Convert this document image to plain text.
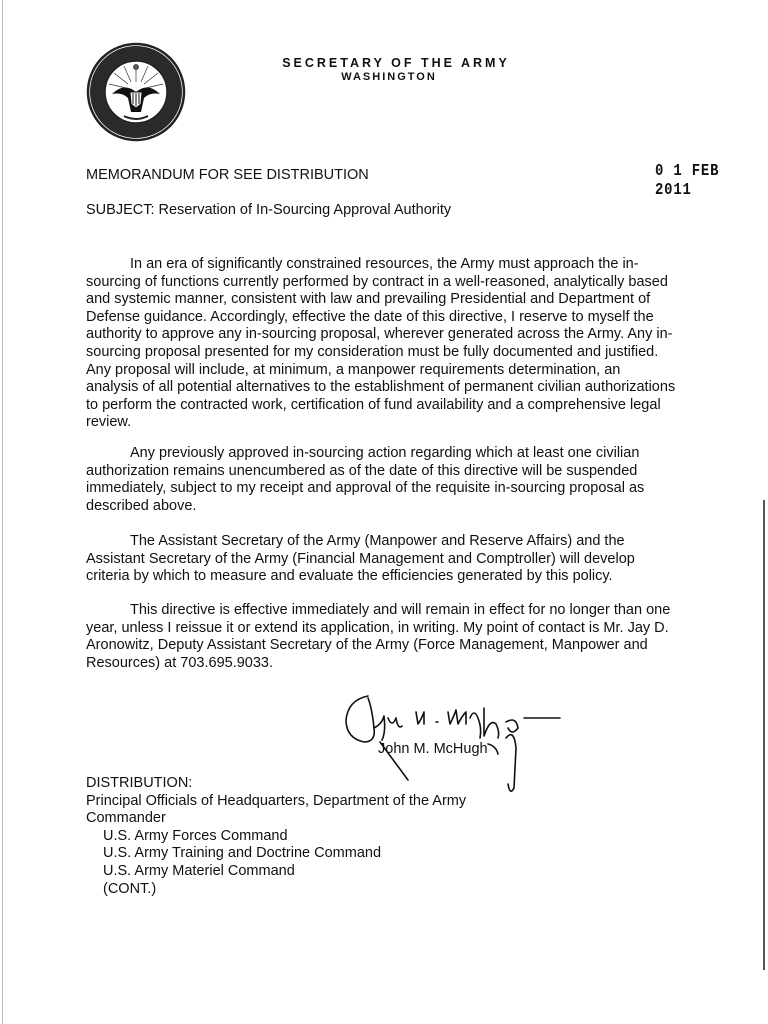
SECRETARY OF THE ARMY
WASHINGTON
MEMORANDUM FOR SEE DISTRIBUTION	0 1 FEB 2011
SUBJECT: Reservation of In-Sourcing Approval Authority

In an era of significantly constrained resources, the Army must approach the in-sourcing of functions currently performed by contract in a well-reasoned, analytically based and systemic manner, consistent with law and prevailing Presidential and Department of Defense guidance. Accordingly, effective the date of this directive, I reserve to myself the authority to approve any in-sourcing proposal, wherever generated across the Army. Any in-sourcing proposal presented for my consideration must be fully documented and justified. Any proposal will include, at minimum, a manpower requirements determination, an analysis of all potential alternatives to the establishment of permanent civilian authorizations to perform the contracted work, certification of fund availability and a comprehensive legal review.

Any previously approved in-sourcing action regarding which at least one civilian authorization remains unencumbered as of the date of this directive will be suspended immediately, subject to my receipt and approval of the requisite in-sourcing proposal as described above.

The Assistant Secretary of the Army (Manpower and Reserve Affairs) and the Assistant Secretary of the Army (Financial Management and Comptroller) will develop criteria by which to measure and evaluate the efficiencies generated by this policy.

This directive is effective immediately and will remain in effect for no longer than one year, unless I reissue it or extend its application, in writing. My point of contact is Mr. Jay D. Aronowitz, Deputy Assistant Secretary of the Army (Force Management, Manpower and Resources) at 703.695.9033.

John M. McHugh
DISTRIBUTION:
Principal Officials of Headquarters, Department of the Army
Commander
U.S. Army Forces Command
U.S. Army Training and Doctrine Command
U.S. Army Materiel Command
(CONT.)
